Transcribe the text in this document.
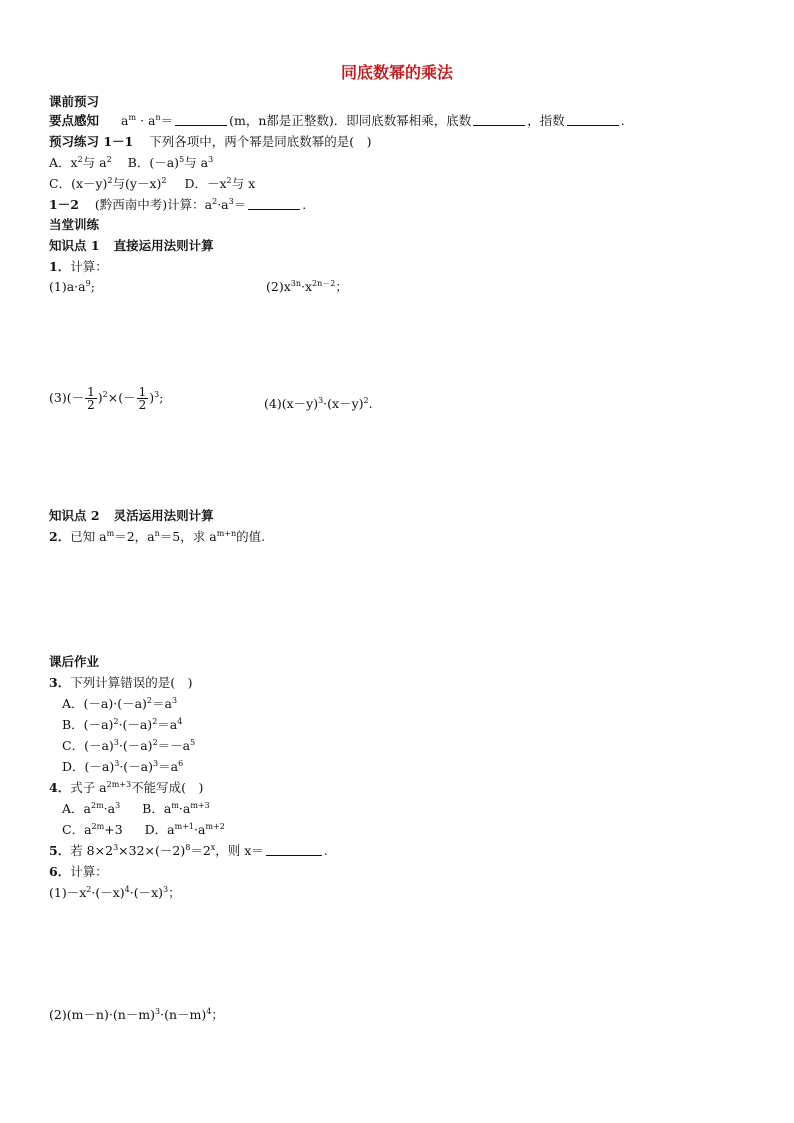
同底数幂的乘法
课前预习
要点感知 $a^m \cdot a^n=$	(m，n都是正整数)．即同底数幂相乘，底数	，指数	.
预习练习 1－1 下列各项中，两个幂是同底数幂的是(　)
A．$x^2$与 $a^2$ B．$(-a)^5$与 $a^3$
C．$(x-y)^2$与$(y-x)^2$ D．$-x^2$与 x
1－2 (黔西南中考)计算：$a^2\cdot a^3=$	.
当堂训练
知识点 1 直接运用法则计算
1．计算：
$(1)a\cdot a^9$;	$(2)x^{3n}\cdot x^{2n-2}$；
$(3)(- \frac{1}{2} )^2\times(- \frac{1}{2} )^3$;	$(4)(x-y)^3\cdot(x-y)^2$.
知识点 2 灵活运用法则计算
2．已知 $a^m=2$，$a^n=5$，求 $a^{m+n}$的值.
课后作业
3．下列计算错误的是(　)
A．$(-a)\cdot(-a)^2=a^3$
B．$(-a)^2\cdot(-a)^2=a^4$
C．$(-a)^3\cdot(-a)^2=-a^5$
D．$(-a)^3\cdot(-a)^3=a^6$
4．式子 $a^{2m+3}$不能写成(　)
A．$a^{2m}\cdot a^3$ B．$a^m\cdot a^{m+3}$
C．$a^{2m}+3$ D．$a^{m+1}\cdot a^{m+2}$
5．若 $8\times 2^3\times 32\times(-2)^8=2^x$，则 x＝	.
6．计算：
$(1)-x^2\cdot(-x)^4\cdot(-x)^3$；
$(2)(m-n)\cdot(n-m)^3\cdot(n-m)^4$；
